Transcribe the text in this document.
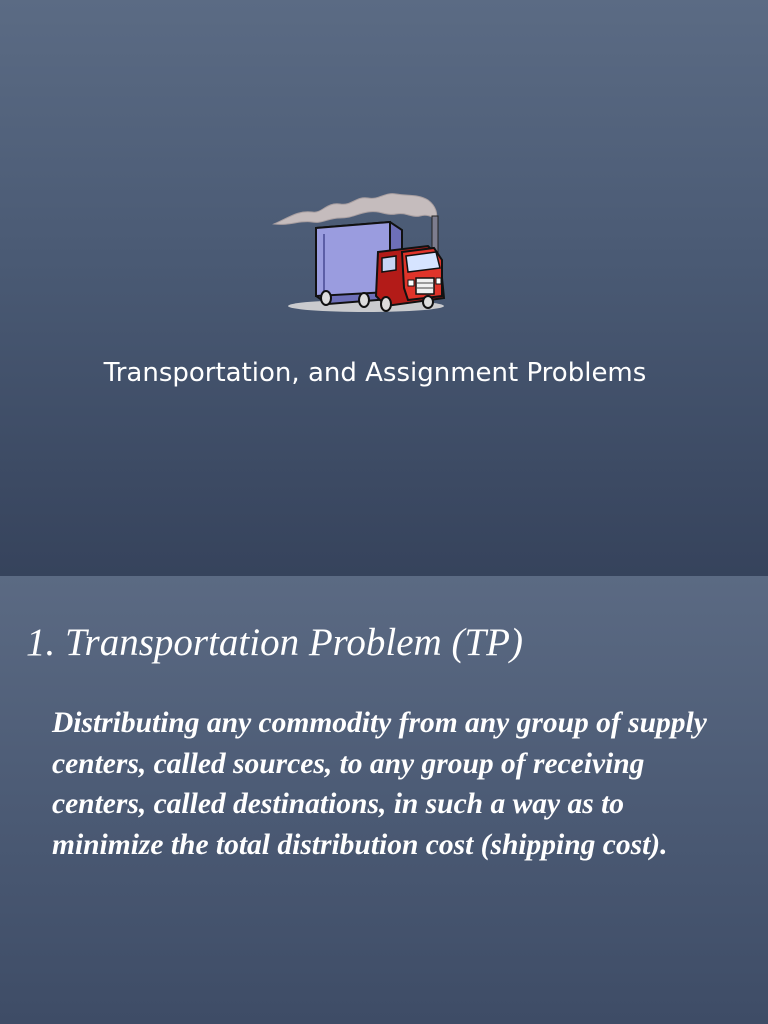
Transportation, and Assignment Problems
1. Transportation Problem (TP)
Distributing any commodity from any group of supply centers, called sources, to any group of receiving centers, called destinations, in such a way as to minimize the total distribution cost (shipping cost).
